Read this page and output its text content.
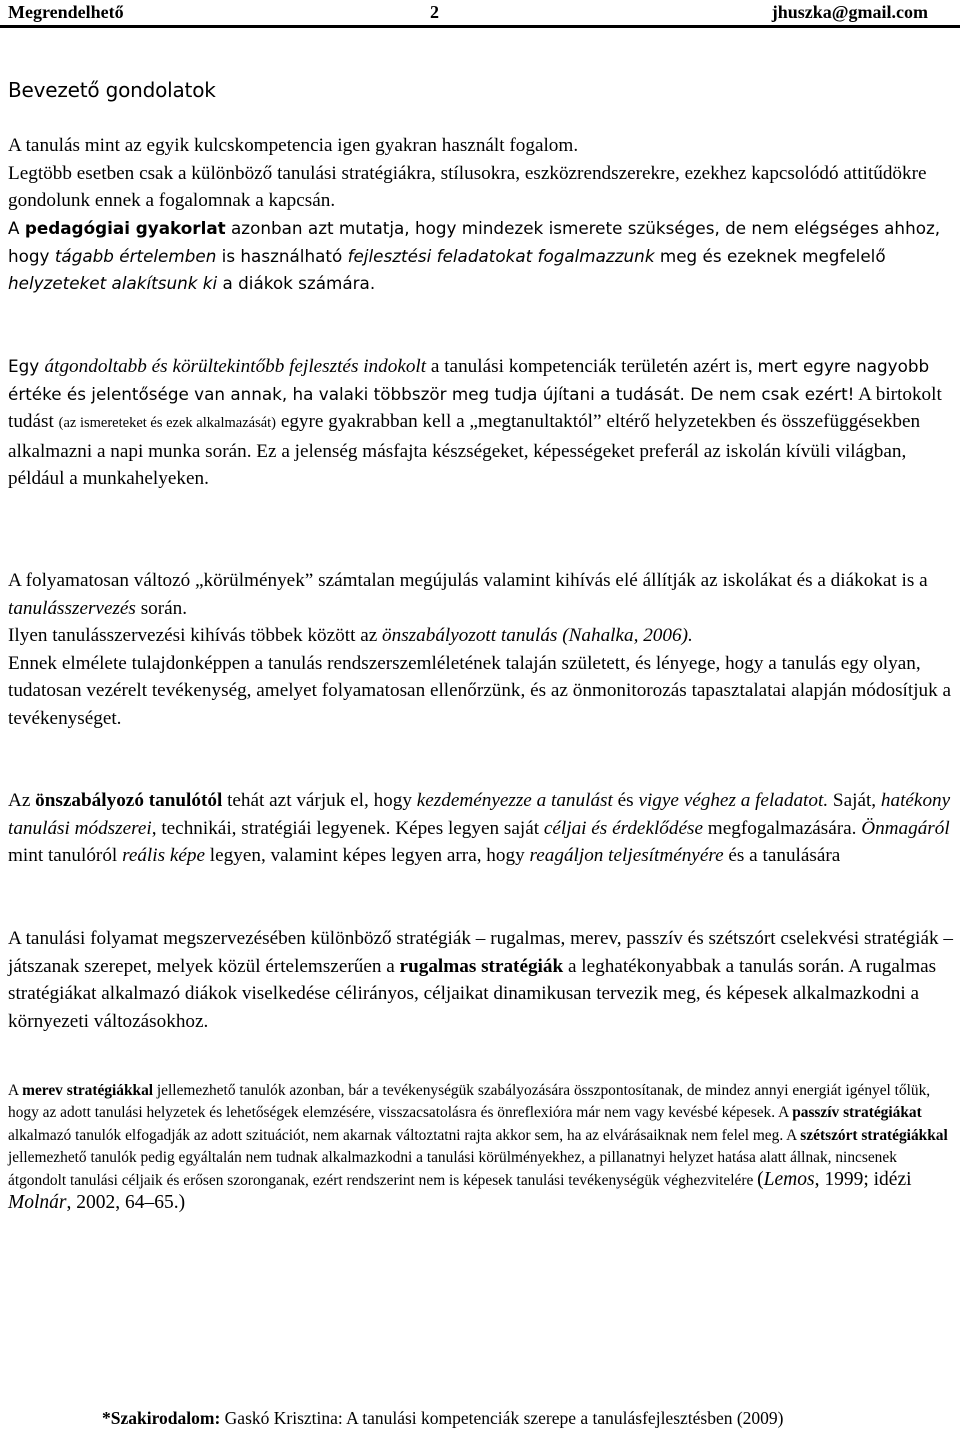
Megrendelhető	2	jhuszka@gmail.com
Bevezető gondolatok
A tanulás mint az egyik kulcskompetencia igen gyakran használt fogalom.
Legtöbb esetben csak a különböző tanulási stratégiákra, stílusokra, eszközrendszerekre, ezekhez kapcsolódó attitűdökre gondolunk ennek a fogalomnak a kapcsán.
A pedagógiai gyakorlat azonban azt mutatja, hogy mindezek ismerete szükséges, de nem elégséges ahhoz, hogy tágabb értelemben is használható fejlesztési feladatokat fogalmazzunk meg és ezeknek megfelelő helyzeteket alakítsunk ki a diákok számára.
Egy átgondoltabb és körültekintőbb fejlesztés indokolt a tanulási kompetenciák területén azért is, mert egyre nagyobb értéke és jelentősége van annak, ha valaki többször meg tudja újítani a tudását. De nem csak ezért! A birtokolt tudást (az ismereteket és ezek alkalmazását) egyre gyakrabban kell a „megtanultaktól” eltérő helyzetekben és összefüggésekben alkalmazni a napi munka során. Ez a jelenség másfajta készségeket, képességeket preferál az iskolán kívüli világban, például a munkahelyeken.
A folyamatosan változó „körülmények” számtalan megújulás valamint kihívás elé állítják az iskolákat és a diákokat is a tanulásszervezés során.
Ilyen tanulásszervezési kihívás többek között az önszabályozott tanulás (Nahalka, 2006).
Ennek elmélete tulajdonképpen a tanulás rendszerszemléletének talaján született, és lényege, hogy a tanulás egy olyan, tudatosan vezérelt tevékenység, amelyet folyamatosan ellenőrzünk, és az önmonitorozás tapasztalatai alapján módosítjuk a tevékenységet.
Az önszabályozó tanulótól tehát azt várjuk el, hogy kezdeményezze a tanulást és vigye véghez a feladatot. Saját, hatékony tanulási módszerei, technikái, stratégiái legyenek. Képes legyen saját céljai és érdeklődése megfogalmazására. Önmagáról mint tanulóról reális képe legyen, valamint képes legyen arra, hogy reagáljon teljesítményére és a tanulására
A tanulási folyamat megszervezésében különböző stratégiák – rugalmas, merev, passzív és szétszórt cselekvési stratégiák – játszanak szerepet, melyek közül értelemszerűen a rugalmas stratégiák a leghatékonyabbak a tanulás során. A rugalmas stratégiákat alkalmazó diákok viselkedése célirányos, céljaikat dinamikusan tervezik meg, és képesek alkalmazkodni a környezeti változásokhoz.
A merev stratégiákkal jellemezhető tanulók azonban, bár a tevékenységük szabályozására összpontosítanak, de mindez annyi energiát igényel tőlük, hogy az adott tanulási helyzetek és lehetőségek elemzésére, visszacsatolásra és önreflexióra már nem vagy kevésbé képesek. A passzív stratégiákat alkalmazó tanulók elfogadják az adott szituációt, nem akarnak változtatni rajta akkor sem, ha az elvárásaiknak nem felel meg. A szétszórt stratégiákkal jellemezhető tanulók pedig egyáltalán nem tudnak alkalmazkodni a tanulási körülményekhez, a pillanatnyi helyzet hatása alatt állnak, nincsenek átgondolt tanulási céljaik és erősen szoronganak, ezért rendszerint nem is képesek tanulási tevékenységük véghezvitelére (Lemos, 1999; idézi Molnár, 2002, 64–65.)
*Szakirodalom: Gaskó Krisztina: A tanulási kompetenciák szerepe a tanulásfejlesztésben (2009)
